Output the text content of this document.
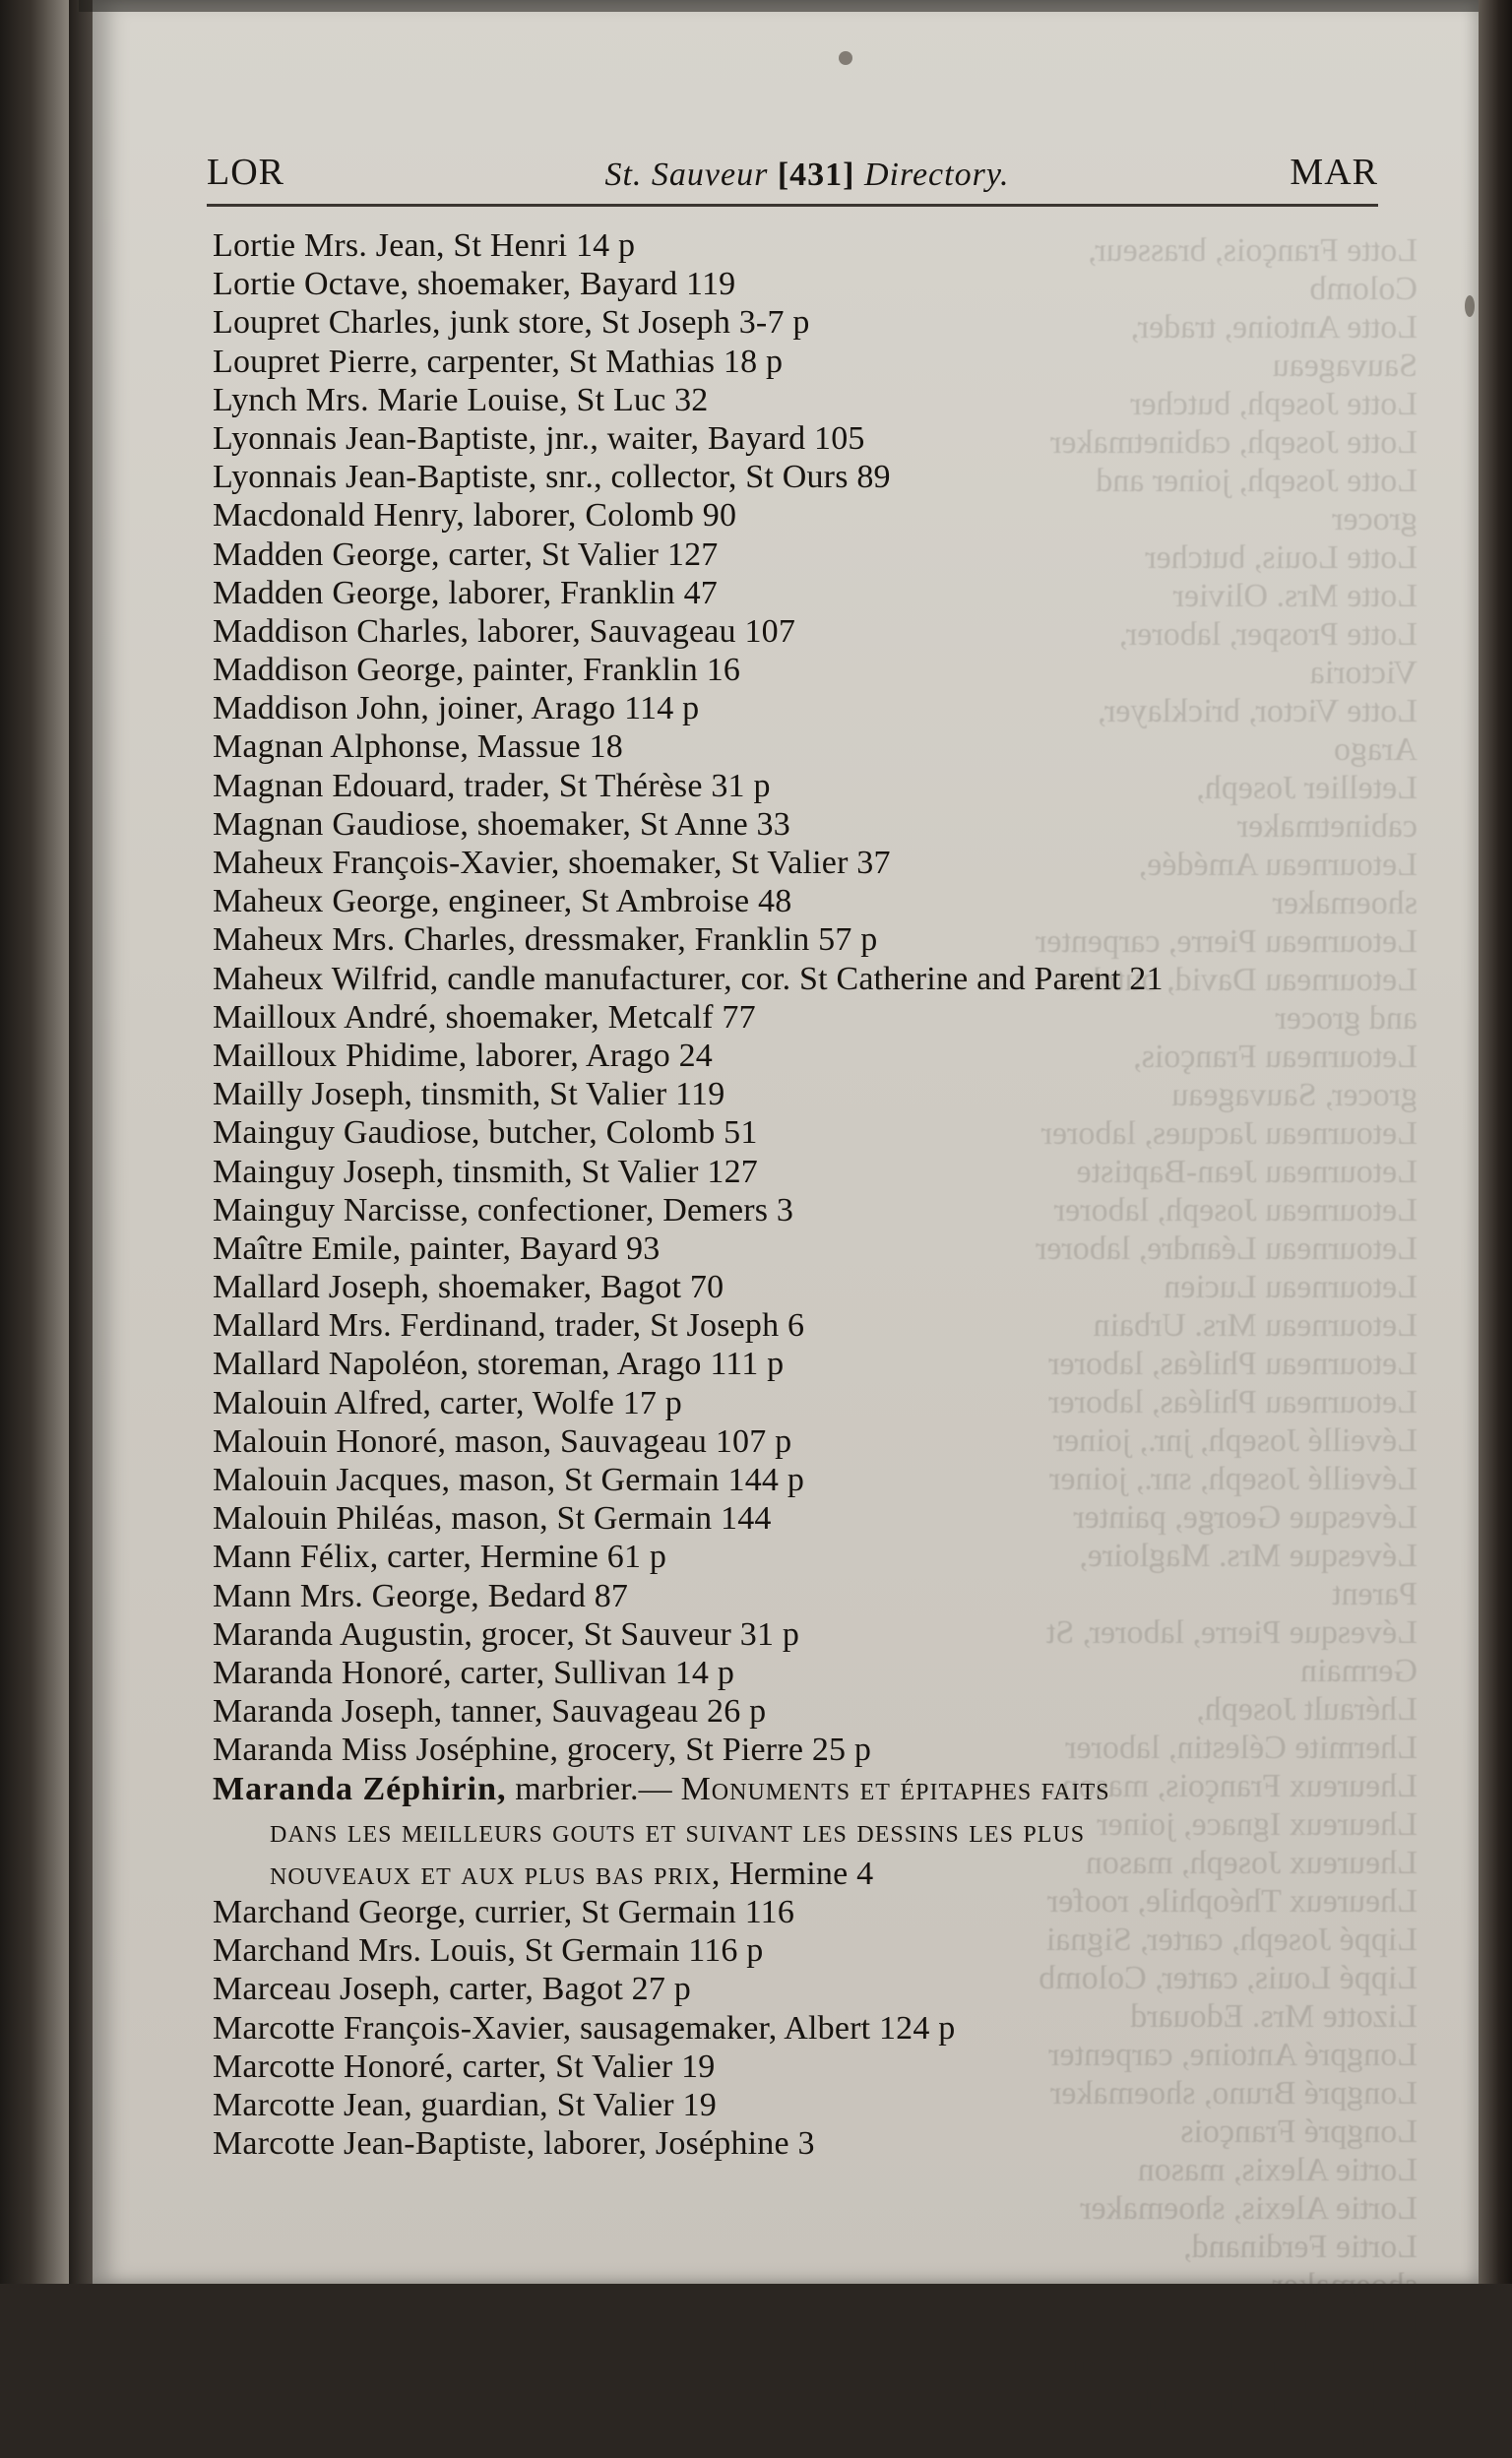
LOR	St. Sauveur [431] Directory.	MAR
Lortie Mrs. Jean, St Henri 14 p
Lortie Octave, shoemaker, Bayard 119
Loupret Charles, junk store, St Joseph 3-7 p
Loupret Pierre, carpenter, St Mathias 18 p
Lynch Mrs. Marie Louise, St Luc 32
Lyonnais Jean-Baptiste, jnr., waiter, Bayard 105
Lyonnais Jean-Baptiste, snr., collector, St Ours 89
Macdonald Henry, laborer, Colomb 90
Madden George, carter, St Valier 127
Madden George, laborer, Franklin 47
Maddison Charles, laborer, Sauvageau 107
Maddison George, painter, Franklin 16
Maddison John, joiner, Arago 114 p
Magnan Alphonse, Massue 18
Magnan Edouard, trader, St Thérèse 31 p
Magnan Gaudiose, shoemaker, St Anne 33
Maheux François-Xavier, shoemaker, St Valier 37
Maheux George, engineer, St Ambroise 48
Maheux Mrs. Charles, dressmaker, Franklin 57 p
Maheux Wilfrid, candle manufacturer, cor. St Catherine and Parent 21
Mailloux André, shoemaker, Metcalf 77
Mailloux Phidime, laborer, Arago 24
Mailly Joseph, tinsmith, St Valier 119
Mainguy Gaudiose, butcher, Colomb 51
Mainguy Joseph, tinsmith, St Valier 127
Mainguy Narcisse, confectioner, Demers 3
Maître Emile, painter, Bayard 93
Mallard Joseph, shoemaker, Bagot 70
Mallard Mrs. Ferdinand, trader, St Joseph 6
Mallard Napoléon, storeman, Arago 111 p
Malouin Alfred, carter, Wolfe 17 p
Malouin Honoré, mason, Sauvageau 107 p
Malouin Jacques, mason, St Germain 144 p
Malouin Philéas, mason, St Germain 144
Mann Félix, carter, Hermine 61 p
Mann Mrs. George, Bedard 87
Maranda Augustin, grocer, St Sauveur 31 p
Maranda Honoré, carter, Sullivan 14 p
Maranda Joseph, tanner, Sauvageau 26 p
Maranda Miss Joséphine, grocery, St Pierre 25 p
Maranda Zéphirin, marbrier.— Monuments et épitaphes faits
dans les meilleurs gouts et suivant les dessins les plus
nouveaux et aux plus bas prix, Hermine 4
Marchand George, currier, St Germain 116
Marchand Mrs. Louis, St Germain 116 p
Marceau Joseph, carter, Bagot 27 p
Marcotte François-Xavier, sausagemaker, Albert 124 p
Marcotte Honoré, carter, St Valier 19
Marcotte Jean, guardian, St Valier 19
Marcotte Jean-Baptiste, laborer, Joséphine 3
Lotte François, brasseur, Colomb
Lotte Antoine, trader, Sauvageau
Lotte Joseph, butcher
Lotte Joseph, cabinetmaker
Lotte Joseph, joiner and grocer
Lotte Louis, butcher
Lotte Mrs. Olivier
Lotte Prosper, laborer, Victoria
Lotte Victor, bricklayer, Arago
Letellier Joseph, cabinetmaker
Letourneau Amédée, shoemaker
Letourneau Pierre, carpenter
Letourneau David, butcher and grocer
Letourneau François, grocer, Sauvageau
Letourneau Jacques, laborer
Letourneau Jean-Baptiste
Letourneau Joseph, laborer
Letourneau Léandre, laborer
Letourneau Lucien
Letourneau Mrs. Urbain
Letourneau Philéas, laborer
Letourneau Philéas, laborer
Léveillé Joseph, jnr., joiner
Léveillé Joseph, snr., joiner
Lévesque George, painter
Lévesque Mrs. Magloire, Parent
Lévesque Pierre, laborer, St Germain
Lhérault Joseph,
Lhermite Célestin, laborer
Lheureux François, mason
Lheureux Ignace, joiner
Lheureux Joseph, mason
Lheureux Théophile, roofer
Lippé Joseph, carter, Signai
Lippé Louis, carter, Colomb
Lizotte Mrs. Edouard
Longpré Antoine, carpenter
Longpré Bruno, shoemaker
Longpré François
Lortie Alexis, mason
Lortie Alexis, shoemaker
Lortie Ferdinand, shoemaker
Lortie Eugène
Lortie Jean, grocer, Bedard
Lortie Jean, shoemaker, Saint
